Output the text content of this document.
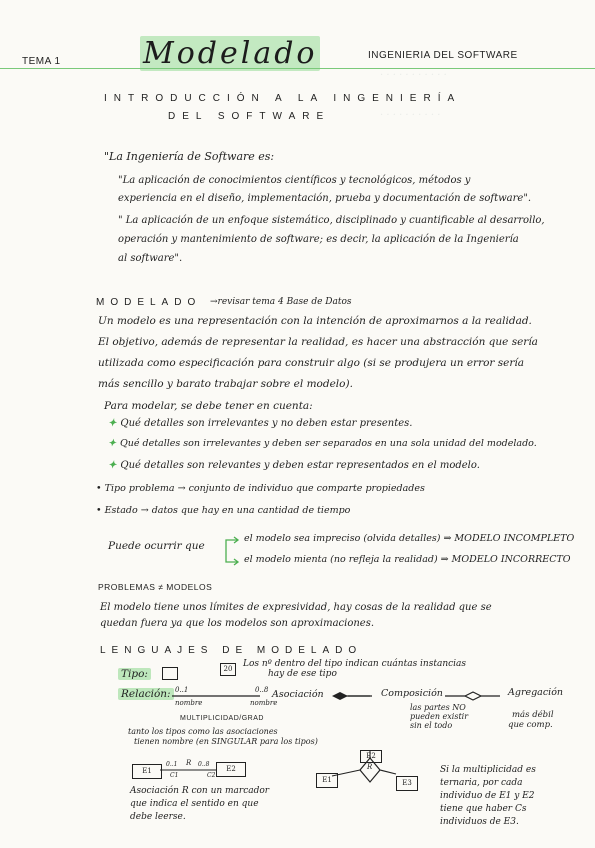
· · · · · · · · · · ·
· · · · · · · · · ·
TEMA 1	Modelado	INGENIERIA DEL SOFTWARE
INTRODUCCIÓN A LA INGENIERÍA
DEL SOFTWARE
"La Ingeniería de Software es:
"La aplicación de conocimientos científicos y tecnológicos, métodos y
experiencia en el diseño, implementación, prueba y documentación de software".
" La aplicación de un enfoque sistemático, disciplinado y cuantificable al desarrollo,
operación y mantenimiento de software; es decir, la aplicación de la Ingeniería
al software".
MODELADO →revisar tema 4 Base de Datos
Un modelo es una representación con la intención de aproximarnos a la realidad.
El objetivo, además de representar la realidad, es hacer una abstracción que sería
utilizada como especificación para construir algo (si se produjera un error sería
más sencillo y barato trabajar sobre el modelo).
Para modelar, se debe tener en cuenta:
✦ Qué detalles son irrelevantes y no deben estar presentes.
✦ Qué detalles son irrelevantes y deben ser separados en una sola unidad del modelado.
✦ Qué detalles son relevantes y deben estar representados en el modelo.
• Tipo problema → conjunto de individuo que comparte propiedades
• Estado → datos que hay en una cantidad de tiempo
Puede ocurrir que
el modelo sea impreciso (olvida detalles) ⇒ MODELO INCOMPLETO
el modelo mienta (no refleja la realidad) ⇒ MODELO INCORRECTO
PROBLEMAS ≠ MODELOS
El modelo tiene unos límites de expresividad, hay cosas de la realidad que se
quedan fuera ya que los modelos son aproximaciones.
LENGUAJES DE MODELADO
Tipo:	20	Los nº dentro del tipo indican cuántas instancias
hay de ese tipo
Relación: 0..1	0..8
nombre	nombre
Asociación	Composición
las partes NO
pueden existir
sin el todo
Agregación
más débil
que comp.
MULTIPLICIDAD/GRAD
tanto los tipos como las asociaciones
tienen nombre (en SINGULAR para los tipos)
E1	E2
0..1 R 0..8
C1	C2
Asociación R con un marcador
que indica el sentido en que
debe leerse.
E1
E2
E3
R	Si la multiplicidad es
ternaria, por cada
individuo de E1 y E2
tiene que haber Cs
individuos de E3.
